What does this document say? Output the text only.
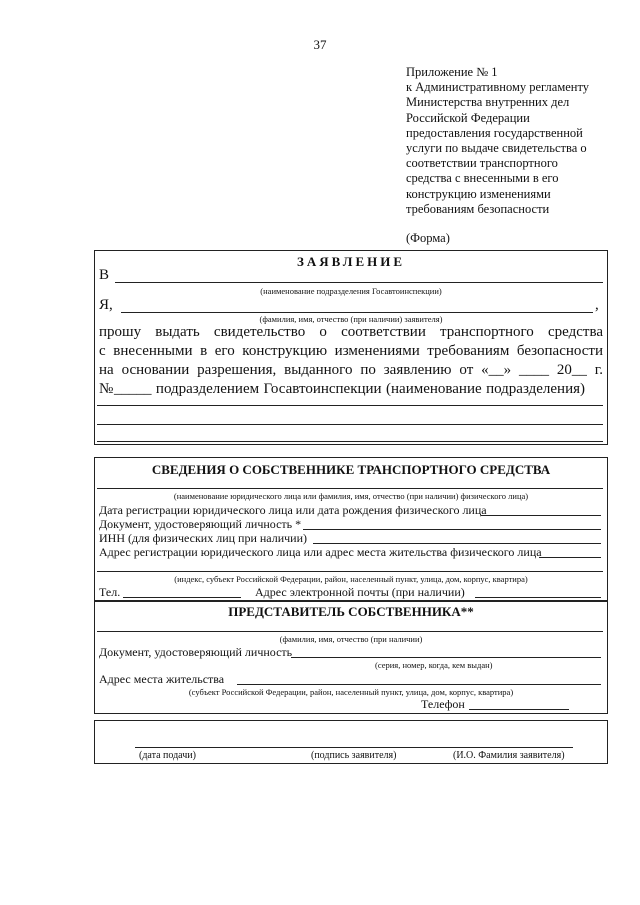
37
Приложение № 1
к Административному регламенту
Министерства внутренних дел
Российской Федерации
предоставления государственной
услуги по выдаче свидетельства о
соответствии транспортного
средства с внесенными в его
конструкцию изменениями
требованиям безопасности
(Форма)
ЗАЯВЛЕНИЕ
В
(наименование подразделения Госавтоинспекции)
Я,	,
(фамилия, имя, отчество (при наличии) заявителя)
прошу выдать свидетельство о соответствии транспортного средства
с внесенными в его конструкцию изменениями требованиям безопасности
на основании разрешения, выданного по заявлению от «__» ____ 20__ г.
№_____ подразделением Госавтоинспекции (наименование подразделения)
СВЕДЕНИЯ О СОБСТВЕННИКЕ ТРАНСПОРТНОГО СРЕДСТВА
(наименование юридического лица или фамилия, имя, отчество (при наличии) физического лица)
Дата регистрации юридического лица или дата рождения физического лица
Документ, удостоверяющий личность *
ИНН (для физических лиц при наличии)
Адрес регистрации юридического лица или адрес места жительства физического лица
(индекс, субъект Российской Федерации, район, населенный пункт, улица, дом, корпус, квартира)
Тел.	Адрес электронной почты (при наличии)
ПРЕДСТАВИТЕЛЬ СОБСТВЕННИКА**
(фамилия, имя, отчество (при наличии)
Документ, удостоверяющий личность
(серия, номер, когда, кем выдан)
Адрес места жительства
(субъект Российской Федерации, район, населенный пункт, улица, дом, корпус, квартира)
Телефон
(дата подачи)	(подпись заявителя)	(И.О. Фамилия заявителя)
